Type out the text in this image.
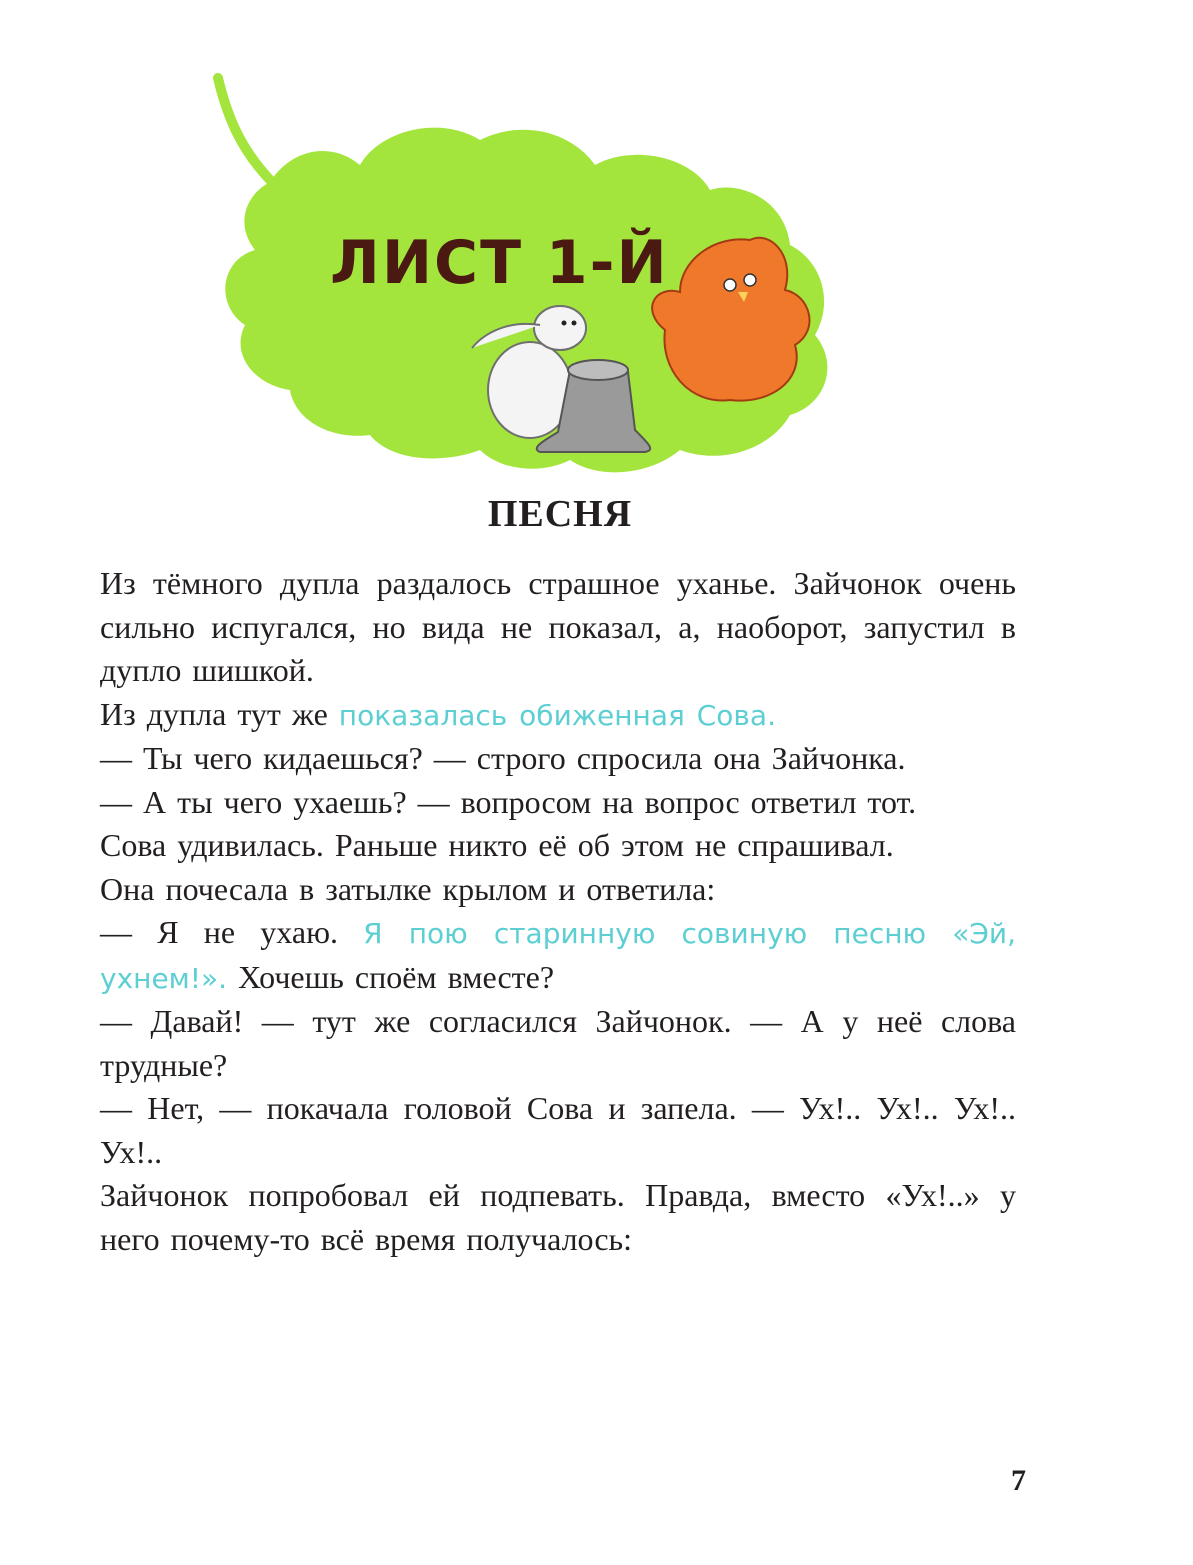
ЛИСТ 1-Й
ПЕСНЯ

Из тёмного дупла раздалось страшное уханье. Зайчонок очень сильно испугался, но вида не показал, а, наоборот, запустил в дупло шишкой.

Из дупла тут же показалась обиженная Сова.

— Ты чего кидаешься? — строго спросила она Зайчонка.

— А ты чего ухаешь? — вопросом на вопрос ответил тот.

Сова удивилась. Раньше никто её об этом не спрашивал.

Она почесала в затылке крылом и ответила:

— Я не ухаю. Я пою старинную совиную песню «Эй, ухнем!». Хочешь споём вместе?

— Давай! — тут же согласился Зайчонок. — А у неё слова трудные?

— Нет, — покачала головой Сова и запела. — Ух!.. Ух!.. Ух!.. Ух!..

Зайчонок попробовал ей подпевать. Правда, вместо «Ух!..» у него почему-то всё время получалось:

7
